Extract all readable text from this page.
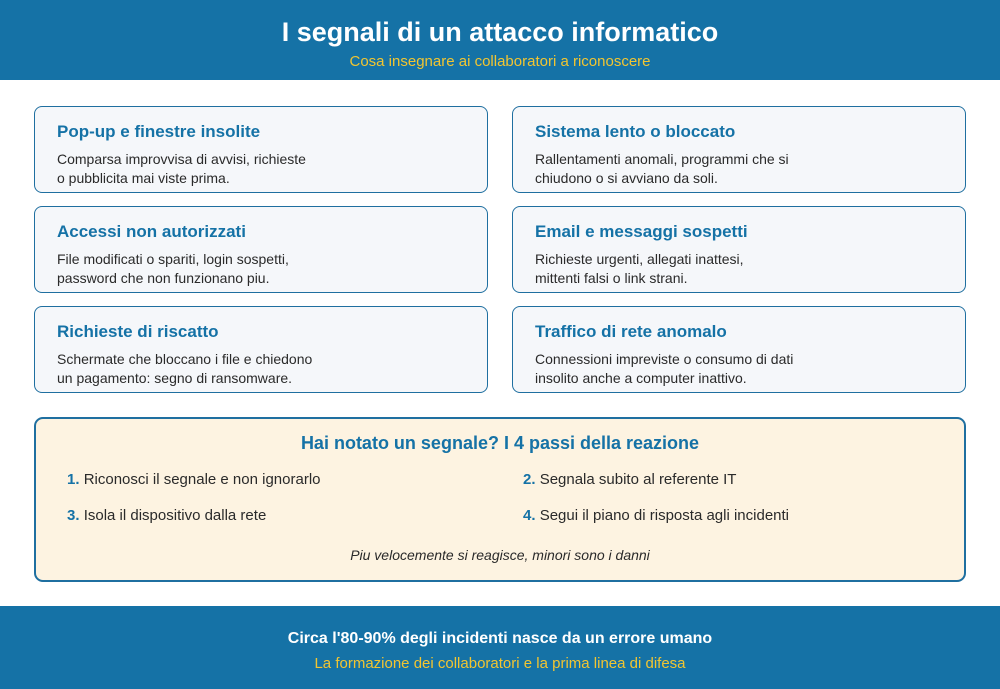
I segnali di un attacco informatico
Cosa insegnare ai collaboratori a riconoscere
Pop-up e finestre insolite
Comparsa improvvisa di avvisi, richieste
o pubblicita mai viste prima.
Sistema lento o bloccato
Rallentamenti anomali, programmi che si
chiudono o si avviano da soli.
Accessi non autorizzati
File modificati o spariti, login sospetti,
password che non funzionano piu.
Email e messaggi sospetti
Richieste urgenti, allegati inattesi,
mittenti falsi o link strani.
Richieste di riscatto
Schermate che bloccano i file e chiedono
un pagamento: segno di ransomware.
Traffico di rete anomalo
Connessioni impreviste o consumo di dati
insolito anche a computer inattivo.
Hai notato un segnale? I 4 passi della reazione
1. Riconosci il segnale e non ignorarlo	2. Segnala subito al referente IT
3. Isola il dispositivo dalla rete	4. Segui il piano di risposta agli incidenti
Piu velocemente si reagisce, minori sono i danni
Circa l'80-90% degli incidenti nasce da un errore umano
La formazione dei collaboratori e la prima linea di difesa
